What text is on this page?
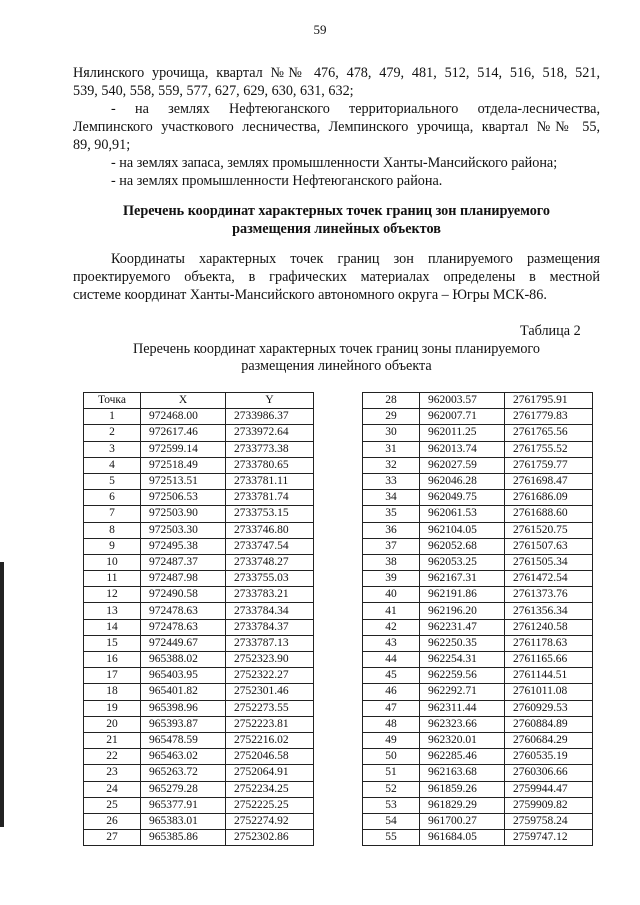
59
Нялинского урочища, квартал №№ 476, 478, 479, 481, 512, 514, 516, 518, 521,
539, 540, 558, 559, 577, 627, 629, 630, 631, 632;
- на землях Нефтеюганского территориального отдела-лесничества,
Лемпинского участкового лесничества, Лемпинского урочища, квартал №№ 55,
89, 90,91;
- на землях запаса, землях промышленности Ханты-Мансийского района;
- на землях промышленности Нефтеюганского района.
Перечень координат характерных точек границ зон планируемого
размещения линейных объектов
Координаты характерных точек границ зон планируемого размещения
проектируемого объекта, в графических материалах определены в местной
системе координат Ханты-Мансийского автономного округа – Югры МСК-86.
Таблица 2
Перечень координат характерных точек границ зоны планируемого
размещения линейного объекта
Точка	X	Y
1	972468.00	2733986.37
2	972617.46	2733972.64
3	972599.14	2733773.38
4	972518.49	2733780.65
5	972513.51	2733781.11
6	972506.53	2733781.74
7	972503.90	2733753.15
8	972503.30	2733746.80
9	972495.38	2733747.54
10	972487.37	2733748.27
11	972487.98	2733755.03
12	972490.58	2733783.21
13	972478.63	2733784.34
14	972478.63	2733784.37
15	972449.67	2733787.13
16	965388.02	2752323.90
17	965403.95	2752322.27
18	965401.82	2752301.46
19	965398.96	2752273.55
20	965393.87	2752223.81
21	965478.59	2752216.02
22	965463.02	2752046.58
23	965263.72	2752064.91
24	965279.28	2752234.25
25	965377.91	2752225.25
26	965383.01	2752274.92
27	965385.86	2752302.86
28	962003.57	2761795.91
29	962007.71	2761779.83
30	962011.25	2761765.56
31	962013.74	2761755.52
32	962027.59	2761759.77
33	962046.28	2761698.47
34	962049.75	2761686.09
35	962061.53	2761688.60
36	962104.05	2761520.75
37	962052.68	2761507.63
38	962053.25	2761505.34
39	962167.31	2761472.54
40	962191.86	2761373.76
41	962196.20	2761356.34
42	962231.47	2761240.58
43	962250.35	2761178.63
44	962254.31	2761165.66
45	962259.56	2761144.51
46	962292.71	2761011.08
47	962311.44	2760929.53
48	962323.66	2760884.89
49	962320.01	2760684.29
50	962285.46	2760535.19
51	962163.68	2760306.66
52	961859.26	2759944.47
53	961829.29	2759909.82
54	961700.27	2759758.24
55	961684.05	2759747.12
